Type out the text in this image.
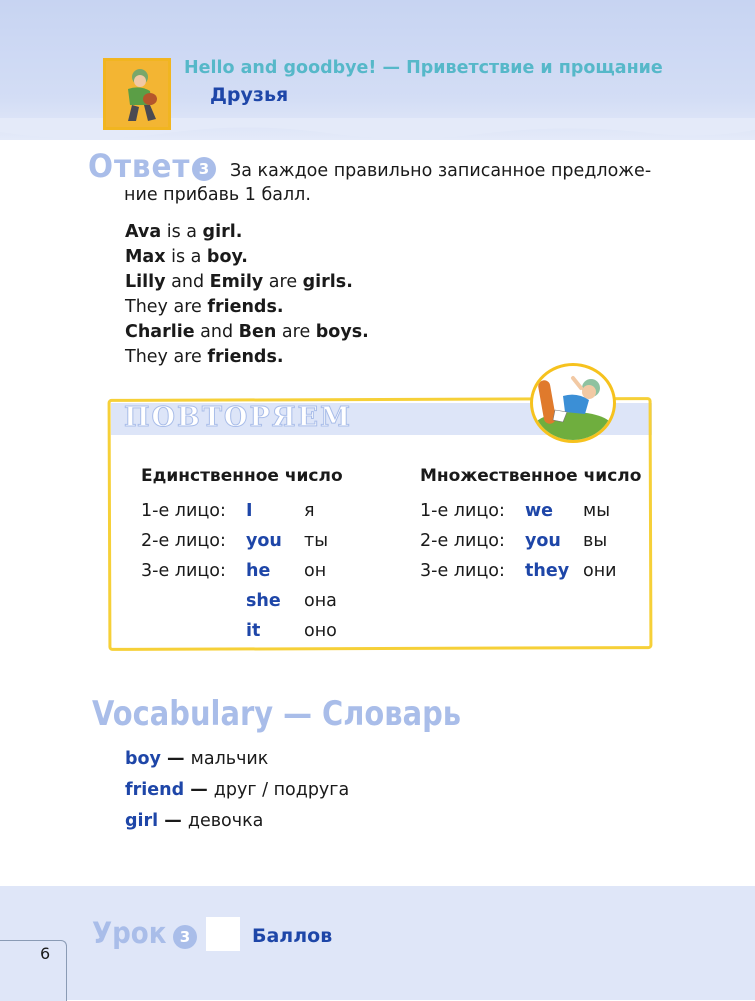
Hello and goodbye! — Приветствие и прощание
Друзья
Ответ 3	За каждое правильно записанное предложе-
ние прибавь 1 балл.
Ava is a girl.
Max is a boy.
Lilly and Emily are girls.
They are friends.
Charlie and Ben are boys.
They are friends.
ПОВТОРЯЕМ
Единственное число	Множественное число
1-е лицо: I	я
2-е лицо: you ты
3-е лицо: he он
she она
it оно
1-е лицо: we мы
2-е лицо: you вы
3-е лицо: they они
Vocabulary — Словарь
boy — мальчик
friend — друг / подруга
girl — девочка
6
Урок 3	Баллов
